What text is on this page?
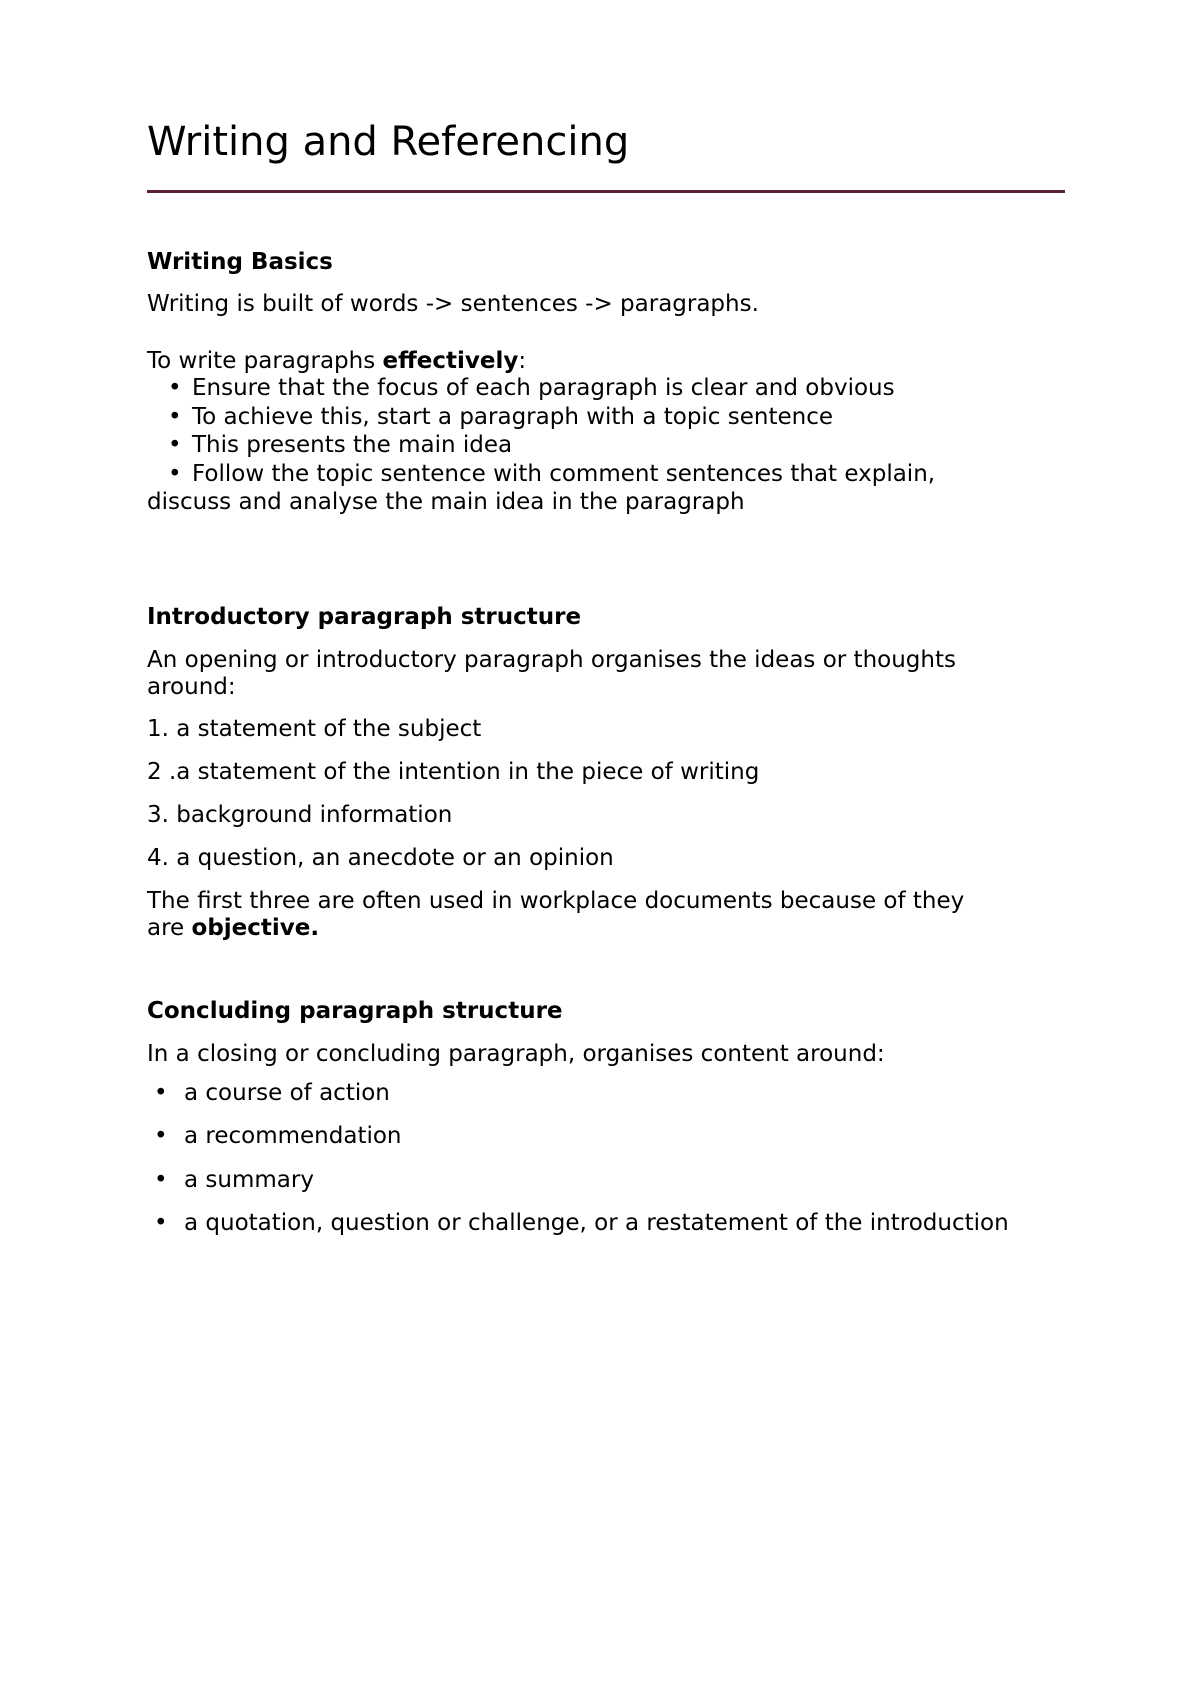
Writing and Referencing

Writing Basics

Writing is built of words -> sentences -> paragraphs.

To write paragraphs effectively:

• Ensure that the focus of each paragraph is clear and obvious

• To achieve this, start a paragraph with a topic sentence

• This presents the main idea

• Follow the topic sentence with comment sentences that explain,

discuss and analyse the main idea in the paragraph

Introductory paragraph structure

An opening or introductory paragraph organises the ideas or thoughts

around:

1. a statement of the subject

2 .a statement of the intention in the piece of writing

3. background information

4. a question, an anecdote or an opinion

The first three are often used in workplace documents because of they

are objective.

Concluding paragraph structure

In a closing or concluding paragraph, organises content around:

• a course of action

• a recommendation

• a summary

• a quotation, question or challenge, or a restatement of the introduction
